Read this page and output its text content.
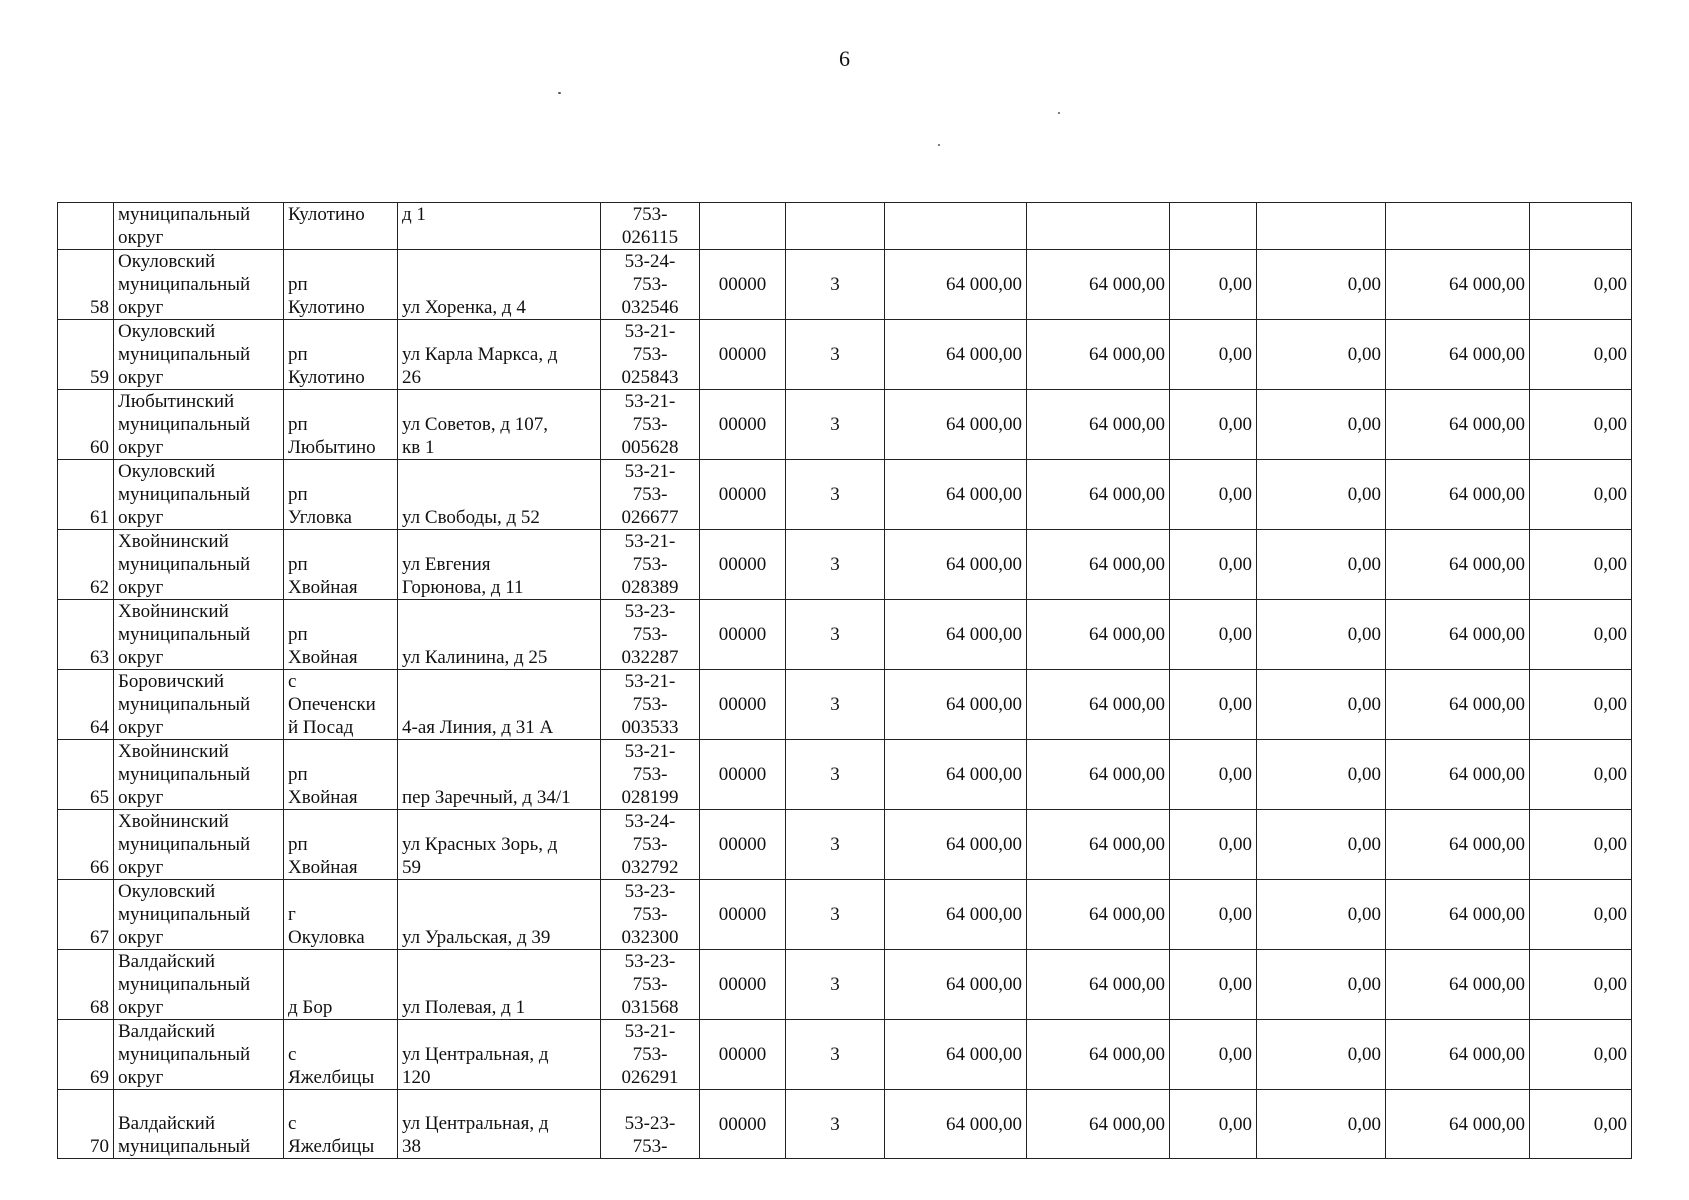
6

	муниципальный
округ	Кулотино	д 1	753-
026115								

58	Окуловский
муниципальный
округ	рп
Кулотино	ул Хоренка, д 4	53-24-
753-
032546	00000	3	64 000,00	64 000,00	0,00	0,00	64 000,00	0,00
59	Окуловский
муниципальный
округ	рп
Кулотино	ул Карла Маркса, д
26	53-21-
753-
025843	00000	3	64 000,00	64 000,00	0,00	0,00	64 000,00	0,00
60	Любытинский
муниципальный
округ	рп
Любытино	ул Советов, д 107,
кв 1	53-21-
753-
005628	00000	3	64 000,00	64 000,00	0,00	0,00	64 000,00	0,00
61	Окуловский
муниципальный
округ	рп
Угловка	ул Свободы, д 52	53-21-
753-
026677	00000	3	64 000,00	64 000,00	0,00	0,00	64 000,00	0,00
62	Хвойнинский
муниципальный
округ	рп
Хвойная	ул Евгения
Горюнова, д 11	53-21-
753-
028389	00000	3	64 000,00	64 000,00	0,00	0,00	64 000,00	0,00
63	Хвойнинский
муниципальный
округ	рп
Хвойная	ул Калинина, д 25	53-23-
753-
032287	00000	3	64 000,00	64 000,00	0,00	0,00	64 000,00	0,00
64	Боровичский
муниципальный
округ	с
Опеченски
й Посад	4-ая Линия, д 31 А	53-21-
753-
003533	00000	3	64 000,00	64 000,00	0,00	0,00	64 000,00	0,00
65	Хвойнинский
муниципальный
округ	рп
Хвойная	пер Заречный, д 34/1	53-21-
753-
028199	00000	3	64 000,00	64 000,00	0,00	0,00	64 000,00	0,00
66	Хвойнинский
муниципальный
округ	рп
Хвойная	ул Красных Зорь, д
59	53-24-
753-
032792	00000	3	64 000,00	64 000,00	0,00	0,00	64 000,00	0,00
67	Окуловский
муниципальный
округ	г
Окуловка	ул Уральская, д 39	53-23-
753-
032300	00000	3	64 000,00	64 000,00	0,00	0,00	64 000,00	0,00
68	Валдайский
муниципальный
округ	д Бор	ул Полевая, д 1	53-23-
753-
031568	00000	3	64 000,00	64 000,00	0,00	0,00	64 000,00	0,00
69	Валдайский
муниципальный
округ	с
Яжелбицы	ул Центральная, д
120	53-21-
753-
026291	00000	3	64 000,00	64 000,00	0,00	0,00	64 000,00	0,00
70	Валдайский
муниципальный	с
Яжелбицы	ул Центральная, д
38	53-23-
753-	00000	3	64 000,00	64 000,00	0,00	0,00	64 000,00	0,00
